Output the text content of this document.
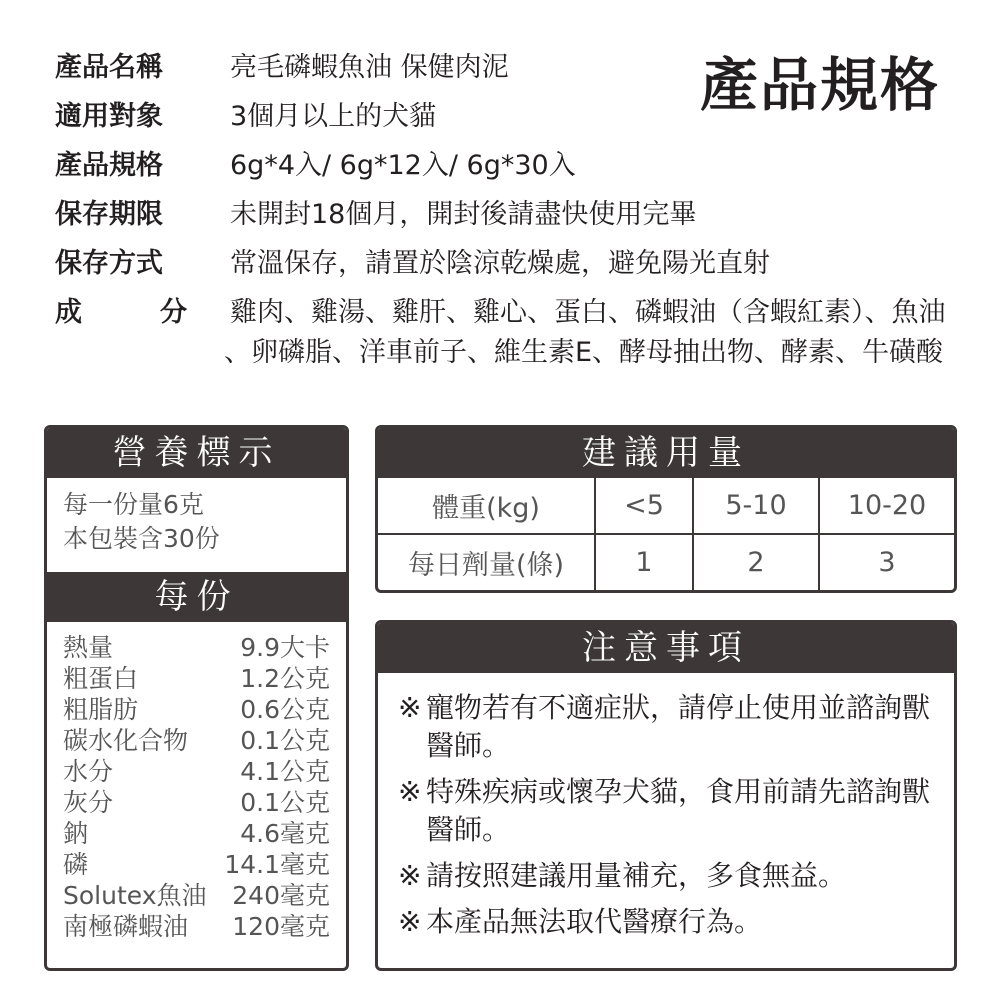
產品規格
產品名稱	亮毛磷蝦魚油 保健肉泥
適用對象	3個月以上的犬貓
產品規格	6g*4入/ 6g*12入/ 6g*30入
保存期限	未開封18個月，開封後請盡快使用完畢
保存方式	常溫保存，請置於陰涼乾燥處，避免陽光直射
成	分 雞肉、雞湯、雞肝、雞心、蛋白、磷蝦油（含蝦紅素）、魚油
、卵磷脂、洋車前子、維生素E、酵母抽出物、酵素、牛磺酸
營養標示
每一份量6克
本包裝含30份
每份
熱量	9.9大卡
粗蛋白	1.2公克
粗脂肪	0.6公克
碳水化合物 0.1公克
水分	4.1公克
灰分	0.1公克
鈉	4.6毫克
磷	14.1毫克
Solutex魚油 240毫克
南極磷蝦油 120毫克
建議用量
體重(kg)	<5	5-10	10-20
每日劑量(條)	1	2	3
注意事項
※ 寵物若有不適症狀，請停止使用並諮詢獸醫師。
※ 特殊疾病或懷孕犬貓，食用前請先諮詢獸醫師。
※ 請按照建議用量補充，多食無益。
※ 本產品無法取代醫療行為。
